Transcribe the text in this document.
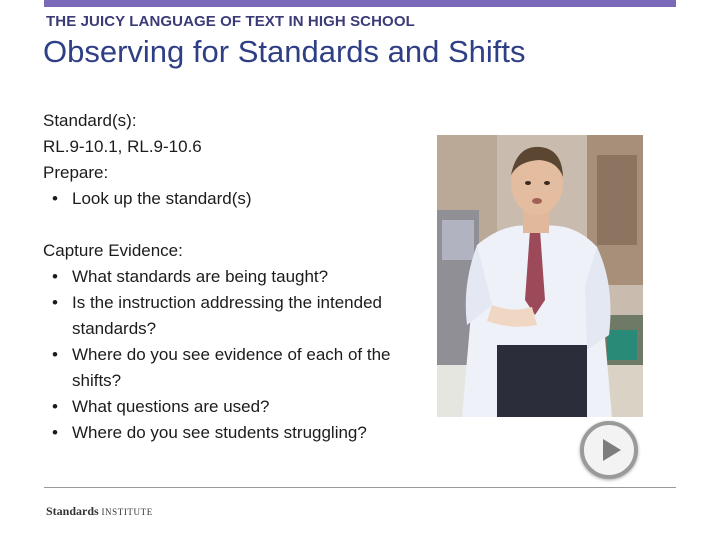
THE JUICY LANGUAGE OF TEXT IN HIGH SCHOOL
Observing for Standards and Shifts
Standard(s):
RL.9-10.1, RL.9-10.6
Prepare:
• Look up the standard(s)
Capture Evidence:
• What standards are being taught?
• Is the instruction addressing the intended standards?
• Where do you see evidence of each of the shifts?
• What questions are used?
• Where do you see students struggling?
Standards INSTITUTE
